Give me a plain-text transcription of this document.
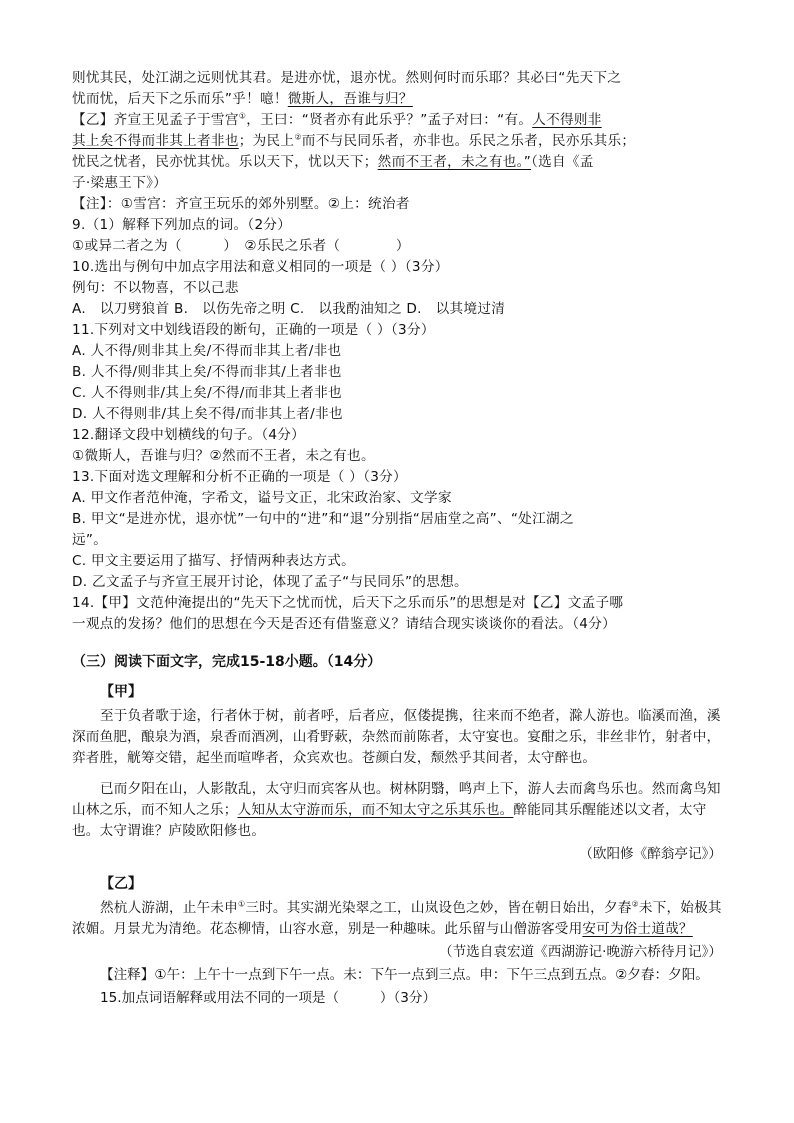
则忧其民，处江湖之远则忧其君。是进亦忧，退亦忧。然则何时而乐耶？其必曰“先天下之
忧而忧，后天下之乐而乐”乎！噫！微斯人，吾谁与归？
【乙】齐宣王见孟子于雪宫①，王曰：“贤者亦有此乐乎？”孟子对曰：“有。人不得则非
其上矣不得而非其上者非也；为民上②而不与民同乐者，亦非也。乐民之乐者，民亦乐其乐；
忧民之忧者，民亦忧其忧。乐以天下，忧以天下；然而不王者，未之有也。”（选自《孟
子·梁惠王下》）
【注】：①雪宫：齐宣王玩乐的郊外别墅。②上：统治者
9.（1）解释下列加点的词。（2分）
①或异二者之为（　　　）　②乐民之乐者（　　　　）
10.选出与例句中加点字用法和意义相同的一项是（ ）（3分）
例句：不以物喜，不以己悲
A.　以刀劈狼首 B.　以伤先帝之明 C.　以我酌油知之 D.　以其境过清
11.下列对文中划线语段的断句，正确的一项是（ ）（3分）
A. 人不得/则非其上矣/不得而非其上者/非也
B. 人不得/则非其上矣/不得而非其/上者非也
C. 人不得则非/其上矣/不得/而非其上者非也
D. 人不得则非/其上矣不得/而非其上者/非也
12.翻译文段中划横线的句子。（4分）
①微斯人，吾谁与归？②然而不王者，未之有也。
13.下面对选文理解和分析不正确的一项是（ ）（3分）
A. 甲文作者范仲淹，字希文，谥号文正，北宋政治家、文学家
B. 甲文“是进亦忧，退亦忧”一句中的“进”和“退”分别指“居庙堂之高”、“处江湖之
远”。
C. 甲文主要运用了描写、抒情两种表达方式。
D. 乙文孟子与齐宣王展开讨论，体现了孟子“与民同乐”的思想。
14.【甲】文范仲淹提出的“先天下之忧而忧，后天下之乐而乐”的思想是对【乙】文孟子哪
一观点的发扬？他们的思想在今天是否还有借鉴意义？请结合现实谈谈你的看法。（4分）
（三）阅读下面文字，完成15-18小题。（14分）
【甲】
至于负者歌于途，行者休于树，前者呼，后者应，伛偻提携，往来而不绝者，滁人游也。临溪而渔，溪深而鱼肥，酿泉为酒，泉香而酒冽，山肴野蔌，杂然而前陈者，太守宴也。宴酣之乐，非丝非竹，射者中，弈者胜，觥筹交错，起坐而喧哗者，众宾欢也。苍颜白发，颓然乎其间者，太守醉也。
已而夕阳在山，人影散乱，太守归而宾客从也。树林阴翳，鸣声上下，游人去而禽鸟乐也。然而禽鸟知山林之乐，而不知人之乐；人知从太守游而乐，而不知太守之乐其乐也。醉能同其乐醒能述以文者，太守也。太守谓谁？庐陵欧阳修也。
（欧阳修《醉翁亭记》）
【乙】
然杭人游湖，止午未申①三时。其实湖光染翠之工，山岚设色之妙，皆在朝日始出，夕舂②未下，始极其浓媚。月景尤为清绝。花态柳情，山容水意，别是一种趣味。此乐留与山僧游客受用安可为俗士道哉？
（节选自袁宏道《西湖游记·晚游六桥待月记》）
【注释】①午：上午十一点到下午一点。未：下午一点到三点。申：下午三点到五点。②夕舂：夕阳。
15.加点词语解释或用法不同的一项是（　　　）（3分）
